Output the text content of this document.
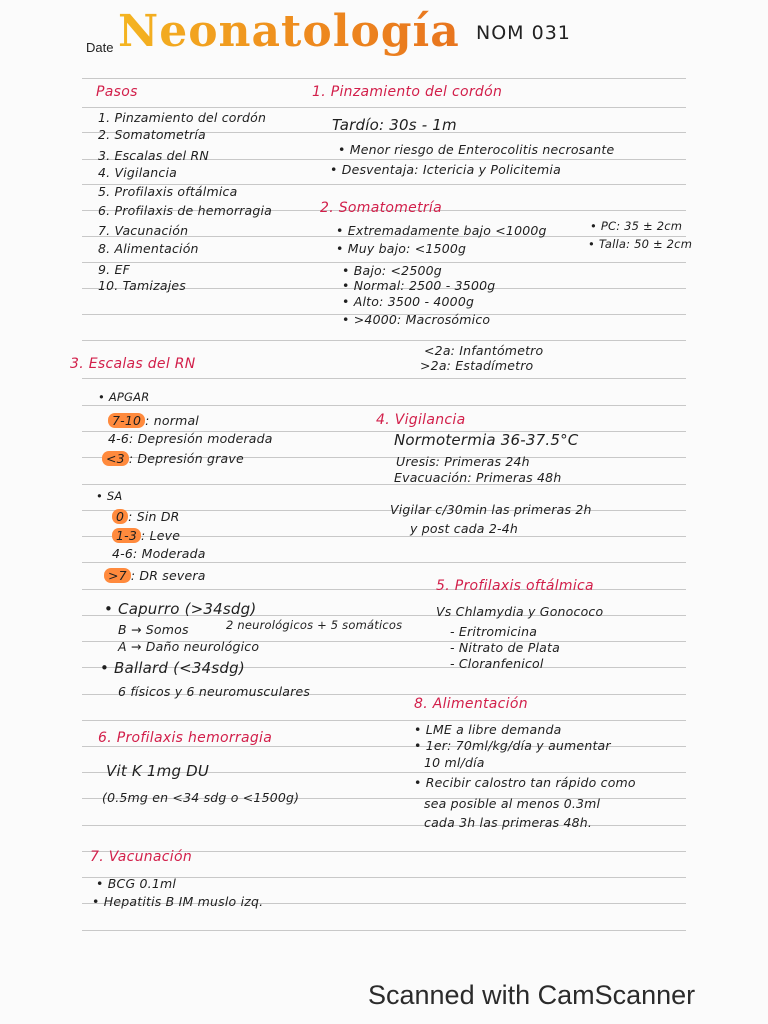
Date Neonatología NOM 031
Pasos
1. Pinzamiento del cordón
2. Somatometría
3. Escalas del RN
4. Vigilancia
5. Profilaxis oftálmica
6. Profilaxis de hemorragia
7. Vacunación
8. Alimentación
9. EF
10. Tamizajes
1. Pinzamiento del cordón
Tardío: 30s - 1m
• Menor riesgo de Enterocolitis necrosante
• Desventaja: Ictericia y Policitemia
2. Somatometría
• Extremadamente bajo <1000g
• Muy bajo: <1500g
• Bajo: <2500g
• Normal: 2500 - 3500g
• Alto: 3500 - 4000g
• >4000: Macrosómico
• PC: 35 ± 2cm
• Talla: 50 ± 2cm
<2a: Infantómetro
>2a: Estadímetro
3. Escalas del RN
• APGAR
7-10 : normal
4-6: Depresión moderada
<3 : Depresión grave
• SA
0 : Sin DR
1-3 : Leve
4-6: Moderada
>7 : DR severa
• Capurro (>34sdg)
B → Somos	2 neurológicos + 5 somáticos
A → Daño neurológico
• Ballard (<34sdg)
6 físicos y 6 neuromusculares
4. Vigilancia
Normotermia 36-37.5°C
Uresis: Primeras 24h
Evacuación: Primeras 48h
Vigilar c/30min las primeras 2h
y post cada 2-4h
5. Profilaxis oftálmica
Vs Chlamydia y Gonococo
- Eritromicina
- Nitrato de Plata
- Cloranfenicol
6. Profilaxis hemorragia
Vit K 1mg DU
(0.5mg en <34 sdg o <1500g)
8. Alimentación
• LME a libre demanda
• 1er: 70ml/kg/día y aumentar
10 ml/día
• Recibir calostro tan rápido como
sea posible al menos 0.3ml
cada 3h las primeras 48h.
7. Vacunación
• BCG 0.1ml
• Hepatitis B IM muslo izq.
Scanned with CamScanner
